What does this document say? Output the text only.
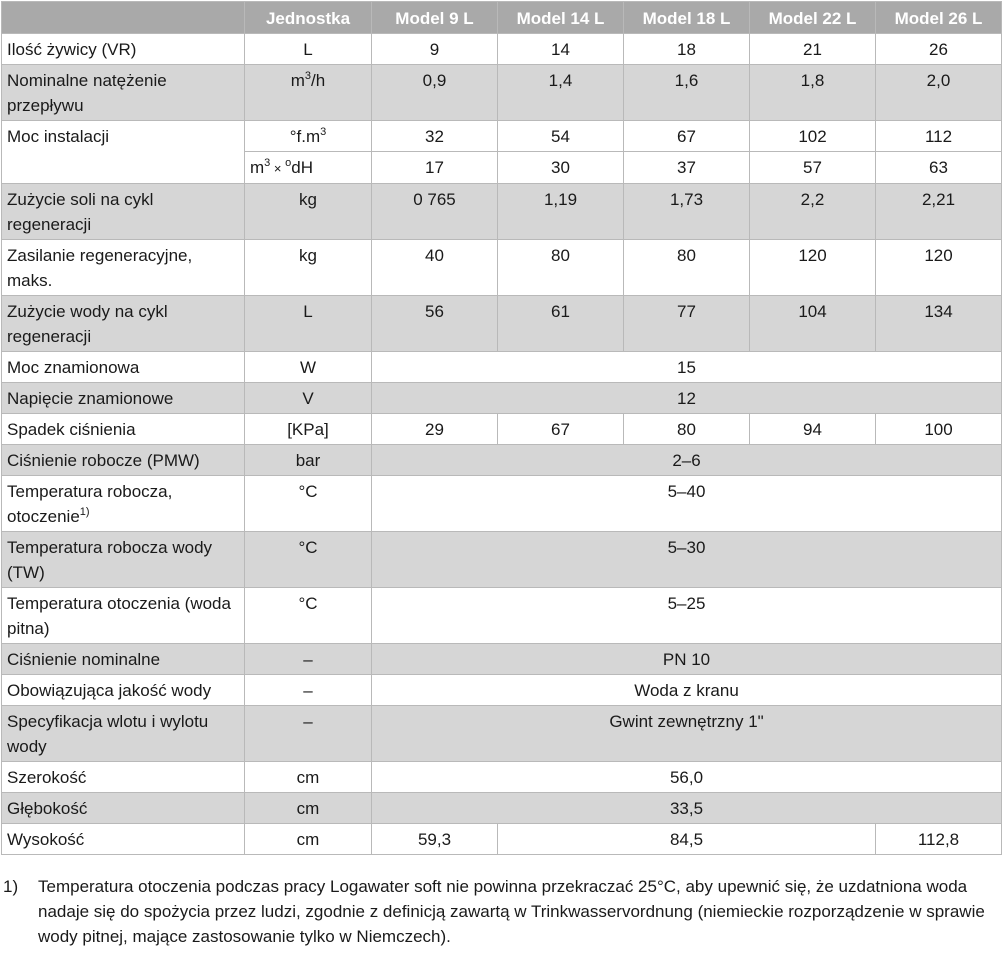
	Jednostka	Model 9 L	Model 14 L	Model 18 L	Model 22 L	Model 26 L
Ilość żywicy (VR)	L	9	14	18	21	26
Nominalne natężenie przepływu	$m^3/h$	0,9	1,4	1,6	1,8	2,0
Moc instalacji	$^\circ f.m^3$	32	54	67	102	112
	$m^3 \times ^odH$	17	30	37	57	63
Zużycie soli na cykl regeneracji	kg	0 765	1,19	1,73	2,2	2,21
Zasilanie regeneracyjne, maks.	kg	40	80	80	120	120
Zużycie wody na cykl regeneracji	L	56	61	77	104	134
Moc znamionowa	W	15				
Napięcie znamionowe	V	12				
Spadek ciśnienia	[KPa]	29	67	80	94	100
Ciśnienie robocze (PMW)	bar	2–6				
Temperatura robocza, otoczenie$^{1)}$	°C	5–40				
Temperatura robocza wody (TW)	°C	5–30				
Temperatura otoczenia (woda pitna)	°C	5–25				
Ciśnienie nominalne	–	PN 10				
Obowiązująca jakość wody	–	Woda z kranu				
Specyfikacja wlotu i wylotu wody	–	Gwint zewnętrzny 1"				
Szerokość	cm	56,0				
Głębokość	cm	33,5				
Wysokość	cm	59,3	84,5			112,8
1) Temperatura otoczenia podczas pracy Logawater soft nie powinna przekraczać 25°C, aby upewnić się, że uzdatniona woda nadaje się do spożycia przez ludzi, zgodnie z definicją zawartą w Trinkwasservordnung (niemieckie rozporządzenie w sprawie wody pitnej, mające zastosowanie tylko w Niemczech).
